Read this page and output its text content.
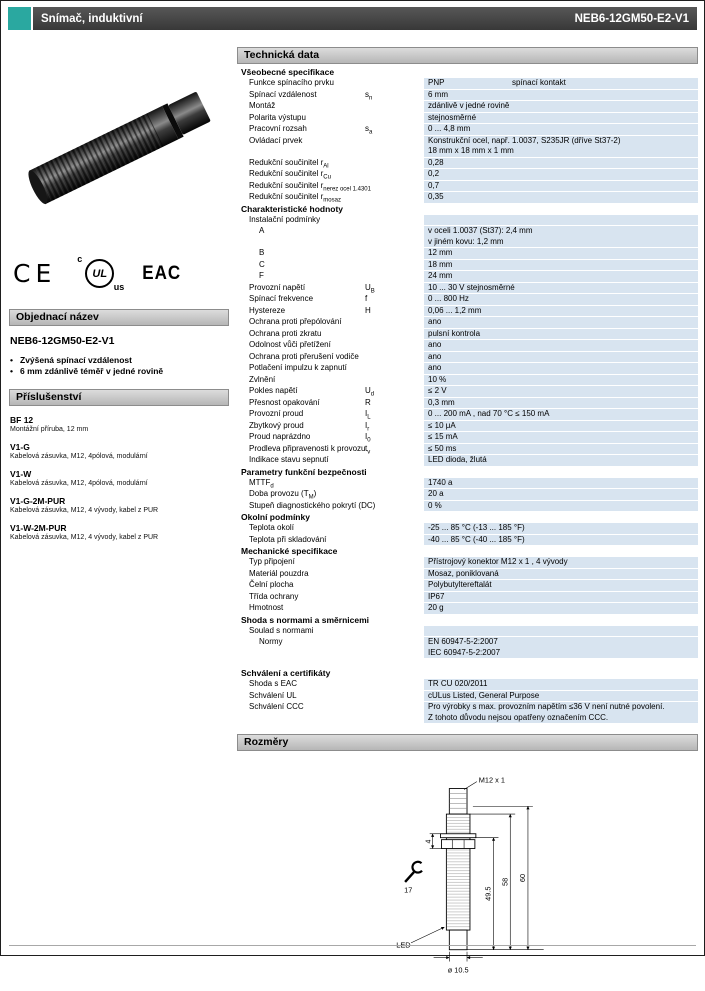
Snímač, induktivní	NEB6-12GM50-E2-V1
CE c
UL
us
EAC
Objednací název
NEB6-12GM50-E2-V1
• Zvýšená spínací vzdálenost
• 6 mm zdánlivě téměř v jedné rovině
Příslušenství
BF 12
Montážní příruba, 12 mm
V1-G
Kabelová zásuvka, M12, 4pólová, modulární
V1-W
Kabelová zásuvka, M12, 4pólová, modulární
V1-G-2M-PUR
Kabelová zásuvka, M12, 4 vývody, kabel z PUR
V1-W-2M-PUR
Kabelová zásuvka, M12, 4 vývody, kabel z PUR
Technická data
Všeobecné specifikace
Funkce spínacího prvku	PNP	spínací kontakt
Spínací vzdálenost	$s_n$	6 mm
Montáž	zdánlivě v jedné rovině
Polarita výstupu	stejnosměrné
Pracovní rozsah	$s_a$	0 ... 4,8 mm
Ovládací prvek	Konstrukční ocel, např. 1.0037, S235JR (dříve St37-2)
18 mm x 18 mm x 1 mm
Redukční součinitel $r_{Al}$	0,28
Redukční součinitel $r_{Cu}$	0,2
Redukční součinitel $r_{nerez ocel 1.4301}$	0,7
Redukční součinitel $r_{mosaz}$	0,35
Charakteristické hodnoty
Instalační podmínky
A	v oceli 1.0037 (St37): 2,4 mm
v jiném kovu: 1,2 mm
B	12 mm
C	18 mm
F	24 mm
Provozní napětí	$U_B$	10 ... 30 V stejnosměrné
Spínací frekvence	f	0 ... 800 Hz
Hystereze	H	0,06 ... 1,2 mm
Ochrana proti přepólování	ano
Ochrana proti zkratu	pulsní kontrola
Odolnost vůči přetížení	ano
Ochrana proti přerušení vodiče	ano
Potlačení impulzu k zapnutí	ano
Zvlnění	10 %
Pokles napětí	$U_d$	≤ 2 V
Přesnost opakování	R	0,3 mm
Provozní proud	$I_L$	0 ... 200 mA , nad 70 °C ≤ 150 mA
Zbytkový proud	$I_r$	≤ 10 μA
Proud naprázdno	$I_0$	≤ 15 mA
Prodleva připravenosti k provozu $t_v$	≤ 50 ms
Indikace stavu sepnutí	LED dioda, žlutá
Parametry funkční bezpečnosti
$MTTF_d$	1740 a
Doba provozu $(T_M)$	20 a
Stupeň diagnostického pokrytí (DC)	0 %
Okolní podmínky
Teplota okolí	-25 ... 85 °C (-13 ... 185 °F)
Teplota při skladování	-40 ... 85 °C (-40 ... 185 °F)
Mechanické specifikace
Typ připojení	Přístrojový konektor M12 x 1 , 4 vývody
Materiál pouzdra	Mosaz, poniklovaná
Čelní plocha	Polybutyltereftalát
Třída ochrany	IP67
Hmotnost	20 g
Shoda s normami a směrnicemi
Soulad s normami
Normy	EN 60947-5-2:2007
IEC 60947-5-2:2007
Schválení a certifikáty
Shoda s EAC	TR CU 020/2011
Schválení UL	cULus Listed, General Purpose
Schválení CCC	Pro výrobky s max. provozním napětím ≤36 V není nutné povolení.
Z tohoto důvodu nejsou opatřeny označením CCC.
Rozměry
M12 x 1
4
17	49.5
58 60
LED
ø 10.5
